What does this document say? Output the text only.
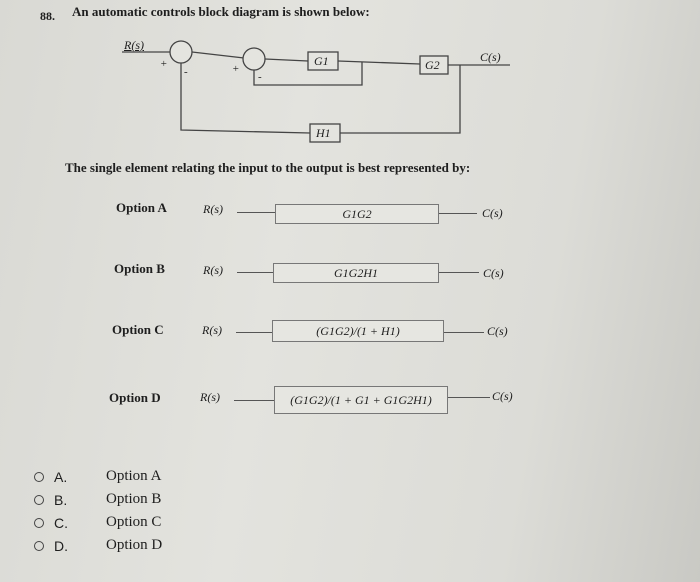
88. An automatic controls block diagram is shown below:
R(s)
C(s)
+
-	+
-
G1	G2
H1
The single element relating the input to the output is best represented by:
Option A	R(s)	G1G2	C(s)
Option B	R(s)	G1G2H1	C(s)
Option C	R(s)	(G1G2)/(1 + H1)	C(s)
Option D	R(s)	(G1G2)/(1 + G1 + G1G2H1)	C(s)
A.	Option A
B.	Option B
C.	Option C
D.	Option D
